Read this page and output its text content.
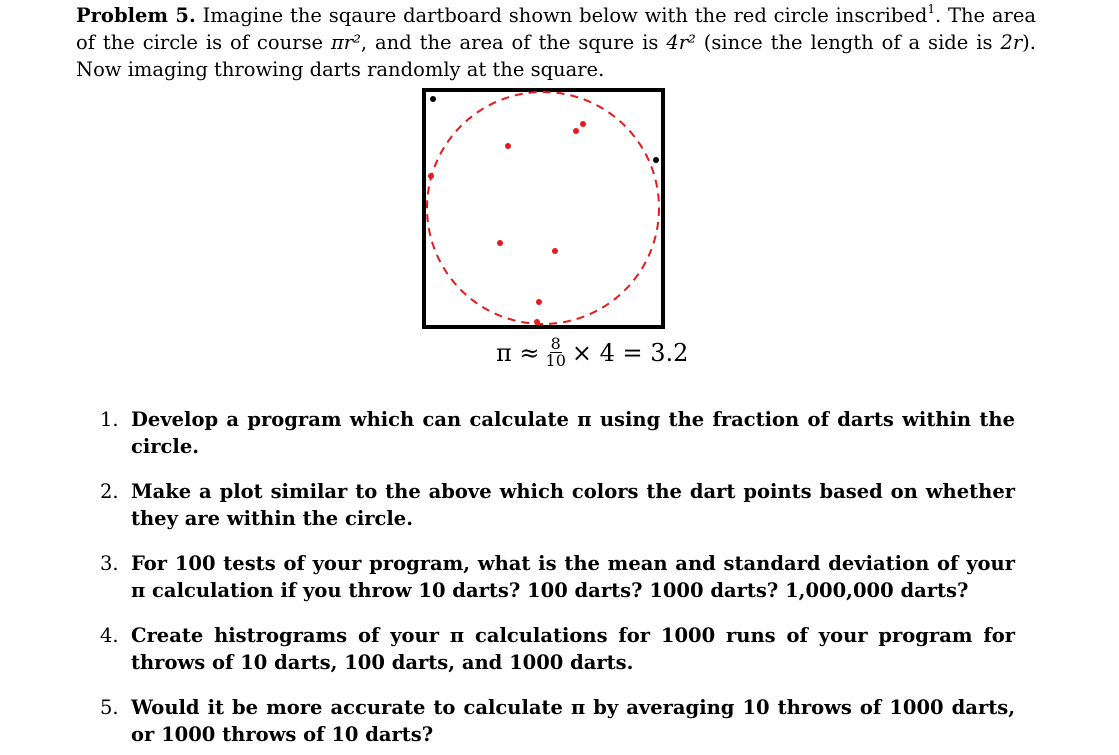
Problem 5. Imagine the sqaure dartboard shown below with the red circle inscribed$^1$. The area of the circle is of course πr², and the area of the squre is 4r² (since the length of a side is 2r). Now imaging throwing darts randomly at the square.

$\pi \approx \frac{8}{10} \times 4 = 3.2$
1. Develop a program which can calculate π using the fraction of darts within the circle.
2. Make a plot similar to the above which colors the dart points based on whether they are within the circle.
3. For 100 tests of your program, what is the mean and standard deviation of your π calculation if you throw 10 darts? 100 darts? 1000 darts? 1,000,000 darts?
4. Create histrograms of your π calculations for 1000 runs of your program for throws of 10 darts, 100 darts, and 1000 darts.
5. Would it be more accurate to calculate π by averaging 10 throws of 1000 darts, or 1000 throws of 10 darts?
